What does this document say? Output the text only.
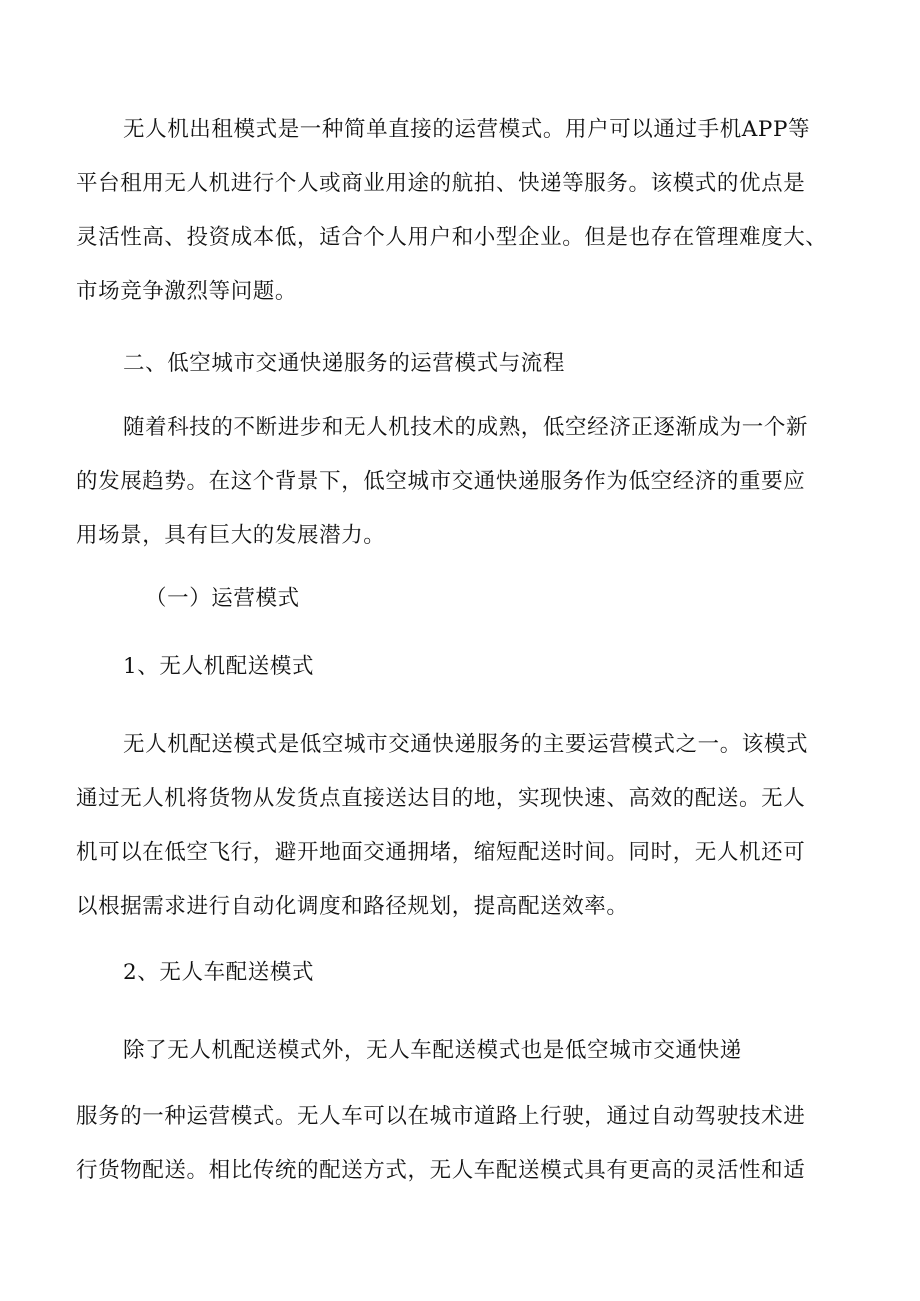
无人机出租模式是一种简单直接的运营模式。用户可以通过手机APP等
平台租用无人机进行个人或商业用途的航拍、快递等服务。该模式的优点是
灵活性高、投资成本低，适合个人用户和小型企业。但是也存在管理难度大、
市场竞争激烈等问题。
二、低空城市交通快递服务的运营模式与流程
随着科技的不断进步和无人机技术的成熟，低空经济正逐渐成为一个新
的发展趋势。在这个背景下，低空城市交通快递服务作为低空经济的重要应
用场景，具有巨大的发展潜力。
（一）运营模式
1、无人机配送模式
无人机配送模式是低空城市交通快递服务的主要运营模式之一。该模式
通过无人机将货物从发货点直接送达目的地，实现快速、高效的配送。无人
机可以在低空飞行，避开地面交通拥堵，缩短配送时间。同时，无人机还可
以根据需求进行自动化调度和路径规划，提高配送效率。
2、无人车配送模式
除了无人机配送模式外，无人车配送模式也是低空城市交通快递
服务的一种运营模式。无人车可以在城市道路上行驶，通过自动驾驶技术进
行货物配送。相比传统的配送方式，无人车配送模式具有更高的灵活性和适
